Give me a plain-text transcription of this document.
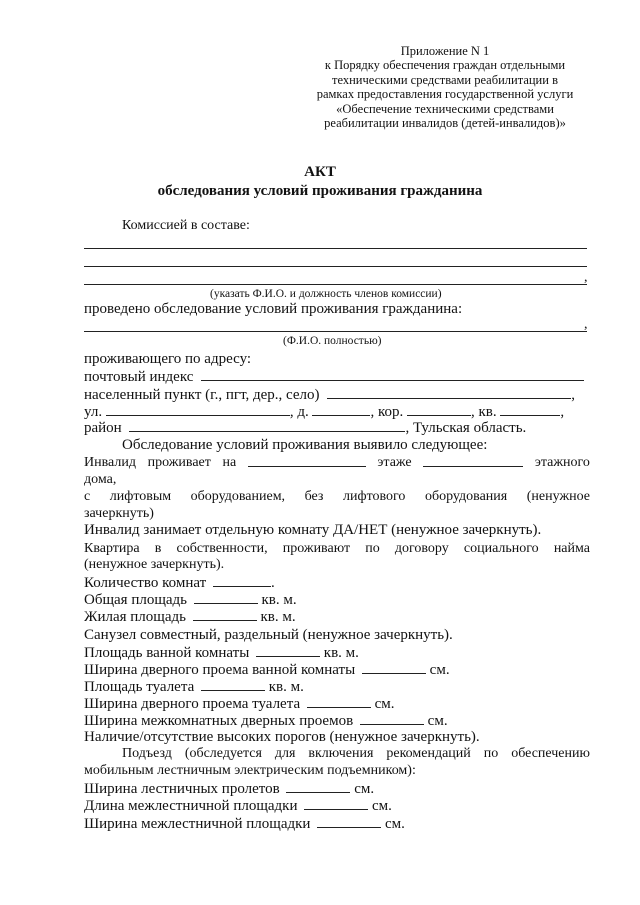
Приложение N 1
к Порядку обеспечения граждан отдельными
техническими средствами реабилитации в
рамках предоставления государственной услуги
«Обеспечение техническими средствами
реабилитации инвалидов (детей-инвалидов)»
АКТ
обследования условий проживания гражданина
Комиссией в составе:
,
(указать Ф.И.О. и должность членов комиссии)
проведено обследование условий проживания гражданина:
,
(Ф.И.О. полностью)
проживающего по адресу:
почтовый индекс
населенный пункт (г., пгт, дер., село)	,
ул.	, д.	, кор.	, кв.	,
район	, Тульская область.
Обследование условий проживания выявило следующее:
Инвалид проживает на	этаже	этажного
дома,
с лифтовым оборудованием, без лифтового оборудования (ненужное
зачеркнуть)
Инвалид занимает отдельную комнату ДА/НЕТ (ненужное зачеркнуть).
Квартира в собственности, проживают по договору социального найма
(ненужное зачеркнуть).
Количество комнат	.
Общая площадь	кв. м.
Жилая площадь	кв. м.
Санузел совместный, раздельный (ненужное зачеркнуть).
Площадь ванной комнаты	кв. м.
Ширина дверного проема ванной комнаты	см.
Площадь туалета	кв. м.
Ширина дверного проема туалета	см.
Ширина межкомнатных дверных проемов	см.
Наличие/отсутствие высоких порогов (ненужное зачеркнуть).
Подъезд (обследуется для включения рекомендаций по обеспечению
мобильным лестничным электрическим подъемником):
Ширина лестничных пролетов	см.
Длина межлестничной площадки	см.
Ширина межлестничной площадки	см.
